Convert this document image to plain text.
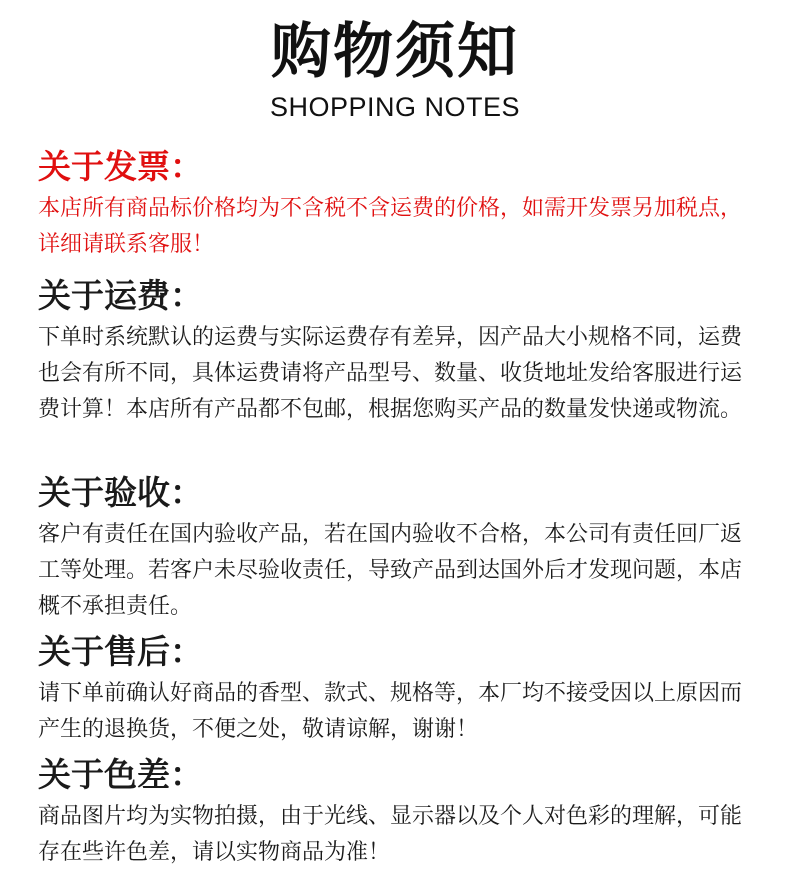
购物须知
SHOPPING NOTES
关于发票：
本店所有商品标价格均为不含税不含运费的价格，如需开发票另加税点，详细请联系客服！
关于运费：
下单时系统默认的运费与实际运费存有差异，因产品大小规格不同，运费也会有所不同，具体运费请将产品型号、数量、收货地址发给客服进行运费计算！本店所有产品都不包邮，根据您购买产品的数量发快递或物流。
关于验收：
客户有责任在国内验收产品，若在国内验收不合格，本公司有责任回厂返工等处理。若客户未尽验收责任，导致产品到达国外后才发现问题，本店概不承担责任。
关于售后：
请下单前确认好商品的香型、款式、规格等，本厂均不接受因以上原因而产生的退换货，不便之处，敬请谅解，谢谢！
关于色差：
商品图片均为实物拍摄，由于光线、显示器以及个人对色彩的理解，可能存在些许色差，请以实物商品为准！
